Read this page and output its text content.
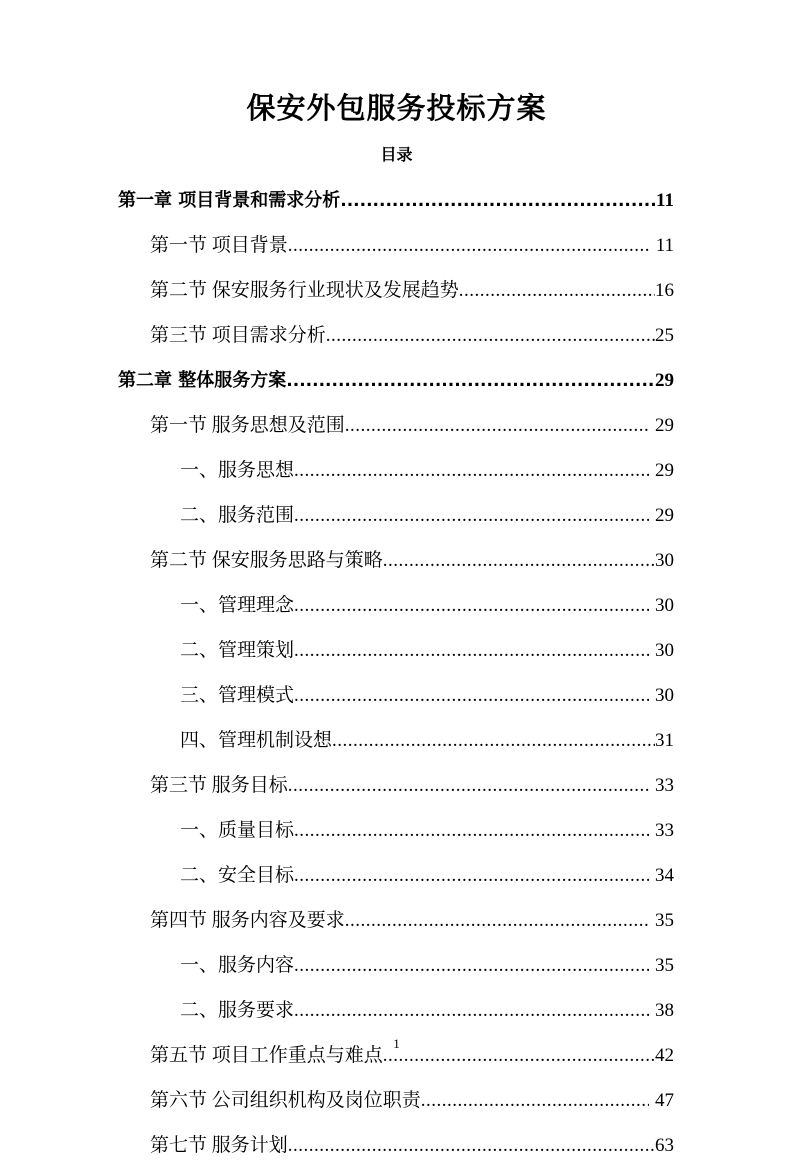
保安外包服务投标方案
目录
第一章 项目背景和需求分析 .....	11
第一节 项目背景 .....	11
第二节 保安服务行业现状及发展趋势 .....	16
第三节 项目需求分析 .....	25
第二章 整体服务方案 .....	29
第一节 服务思想及范围 .....	29
一、服务思想 .....	29
二、服务范围 .....	29
第二节 保安服务思路与策略 .....	30
一、管理理念 .....	30
二、管理策划 .....	30
三、管理模式 .....	30
四、管理机制设想 .....	31
第三节 服务目标 .....	33
一、质量目标 .....	33
二、安全目标 .....	34
第四节 服务内容及要求 .....	35
一、服务内容 .....	35
二、服务要求 .....	38
第五节 项目工作重点与难点 .....	42
第六节 公司组织机构及岗位职责 .....	47
第七节 服务计划 .....	63
1
